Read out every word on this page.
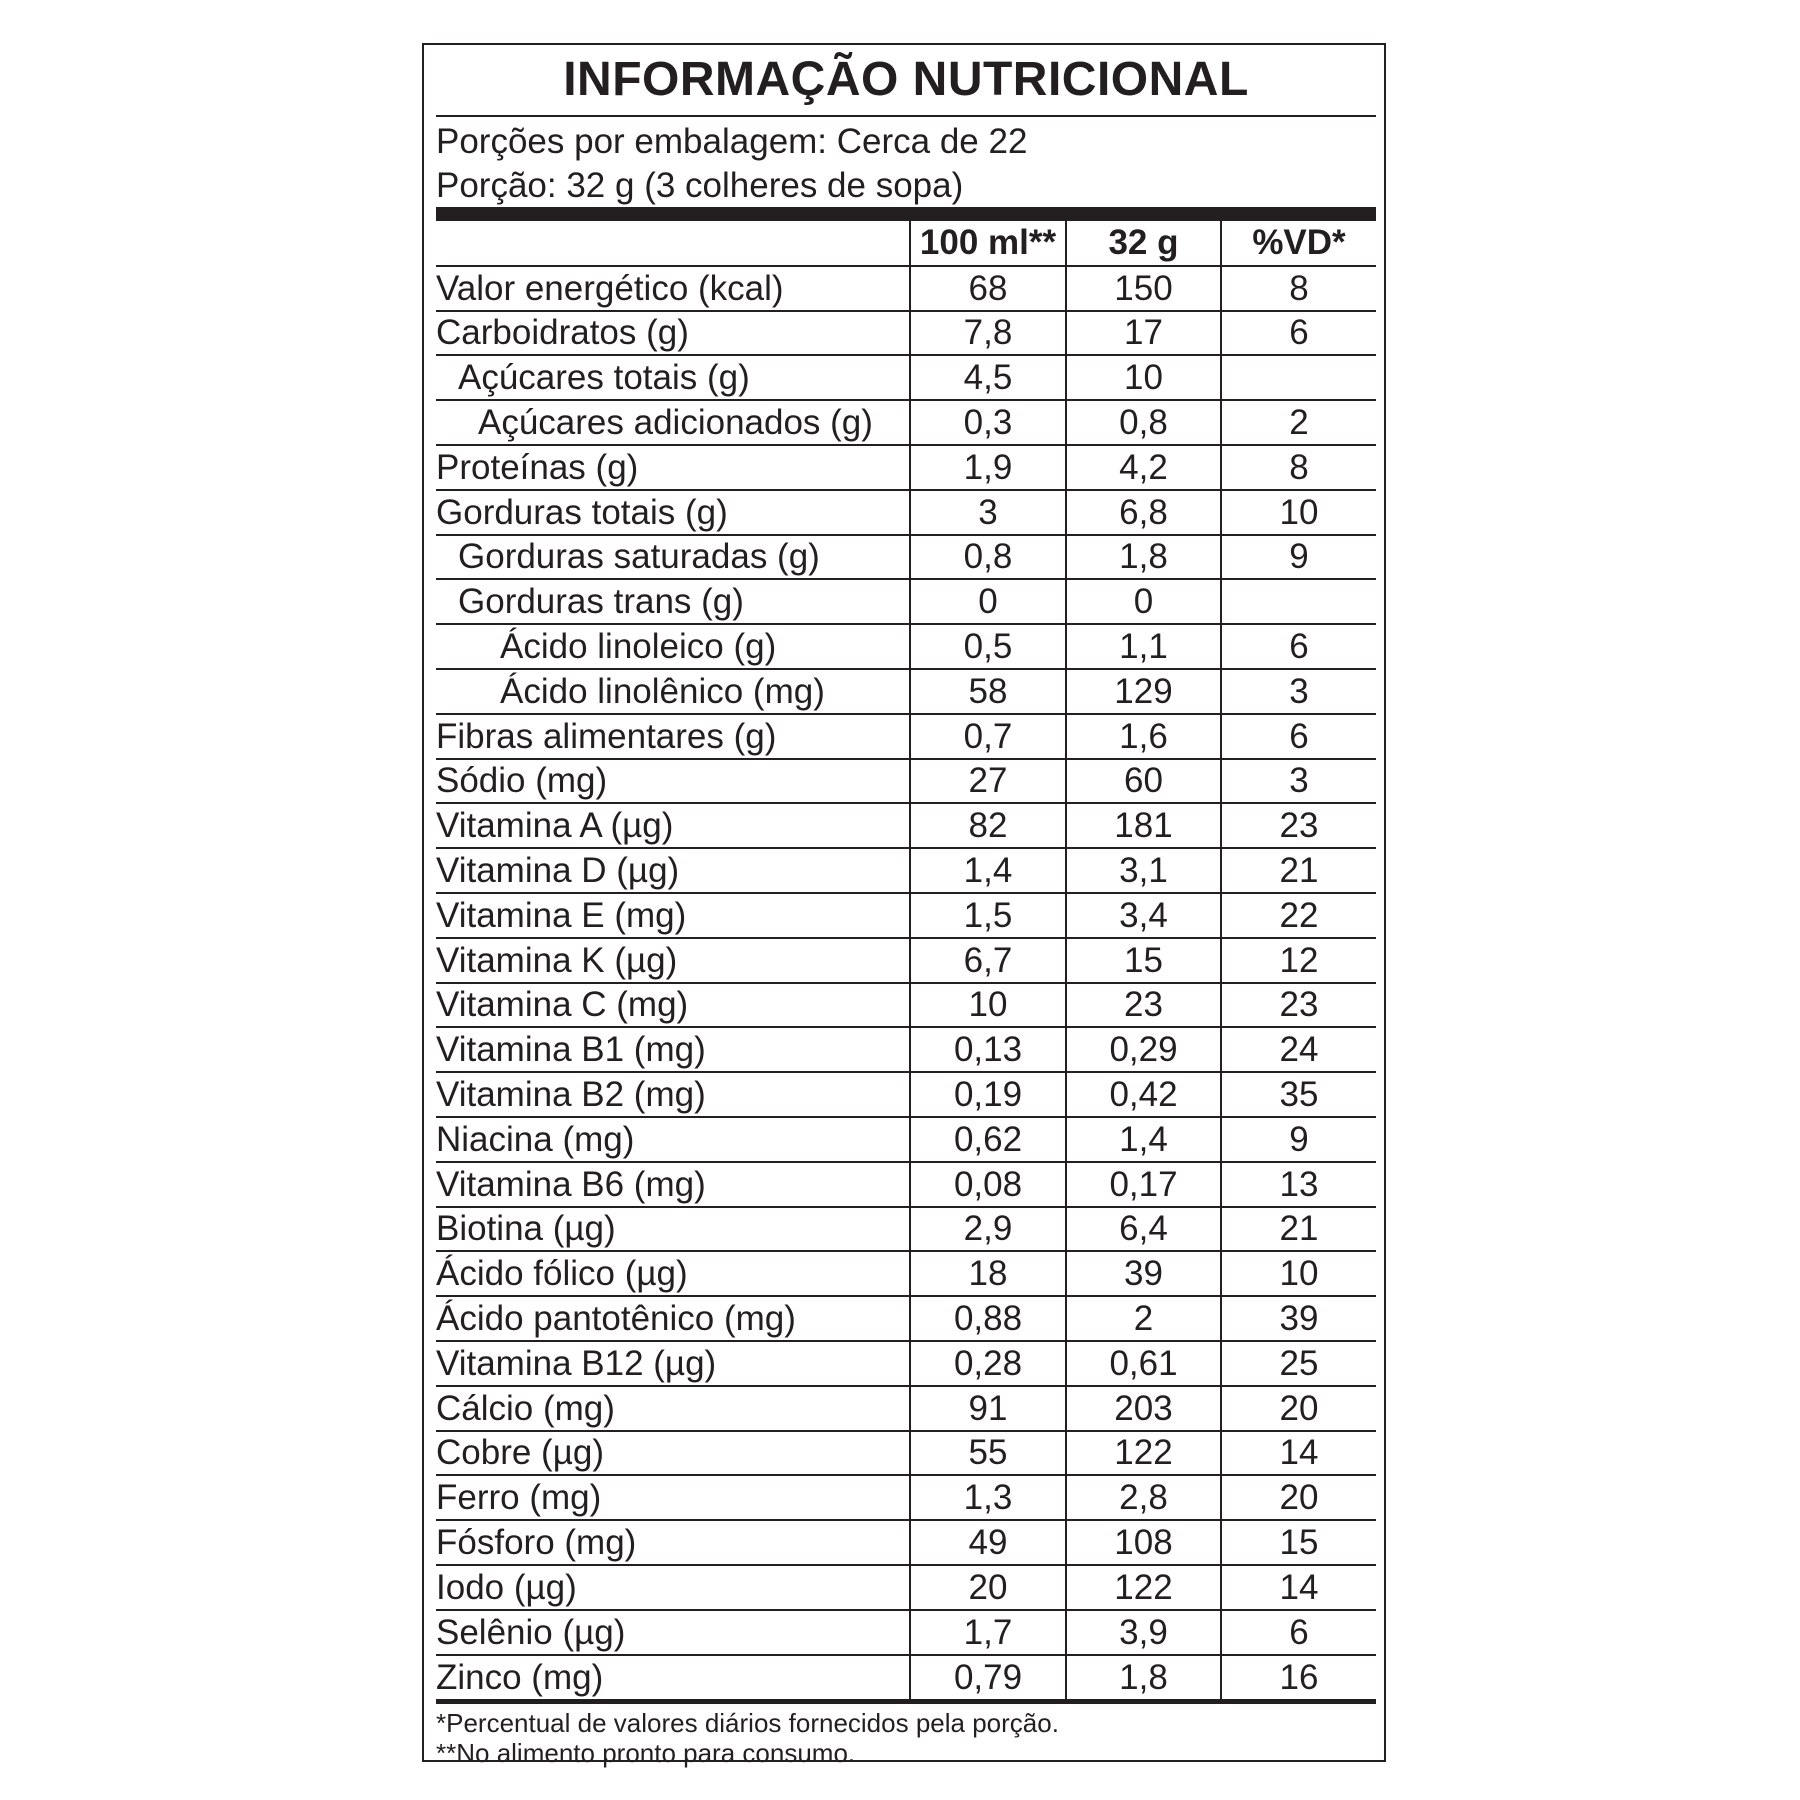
INFORMAÇÃO NUTRICIONAL
Porções por embalagem: Cerca de 22
Porção: 32 g (3 colheres de sopa)
	100 ml**	32 g	%VD*
Valor energético (kcal)	68	150	8
Carboidratos (g)	7,8	17	6
Açúcares totais (g)	4,5	10	
Açúcares adicionados (g)	0,3	0,8	2
Proteínas (g)	1,9	4,2	8
Gorduras totais (g)	3	6,8	10
Gorduras saturadas (g)	0,8	1,8	9
Gorduras trans (g)	0	0	
Ácido linoleico (g)	0,5	1,1	6
Ácido linolênico (mg)	58	129	3
Fibras alimentares (g)	0,7	1,6	6
Sódio (mg)	27	60	3
Vitamina A (µg)	82	181	23
Vitamina D (µg)	1,4	3,1	21
Vitamina E (mg)	1,5	3,4	22
Vitamina K (µg)	6,7	15	12
Vitamina C (mg)	10	23	23
Vitamina B1 (mg)	0,13	0,29	24
Vitamina B2 (mg)	0,19	0,42	35
Niacina (mg)	0,62	1,4	9
Vitamina B6 (mg)	0,08	0,17	13
Biotina (µg)	2,9	6,4	21
Ácido fólico (µg)	18	39	10
Ácido pantotênico (mg)	0,88	2	39
Vitamina B12 (µg)	0,28	0,61	25
Cálcio (mg)	91	203	20
Cobre (µg)	55	122	14
Ferro (mg)	1,3	2,8	20
Fósforo (mg)	49	108	15
Iodo (µg)	20	122	14
Selênio (µg)	1,7	3,9	6
Zinco (mg)	0,79	1,8	16
*Percentual de valores diários fornecidos pela porção.
**No alimento pronto para consumo.
